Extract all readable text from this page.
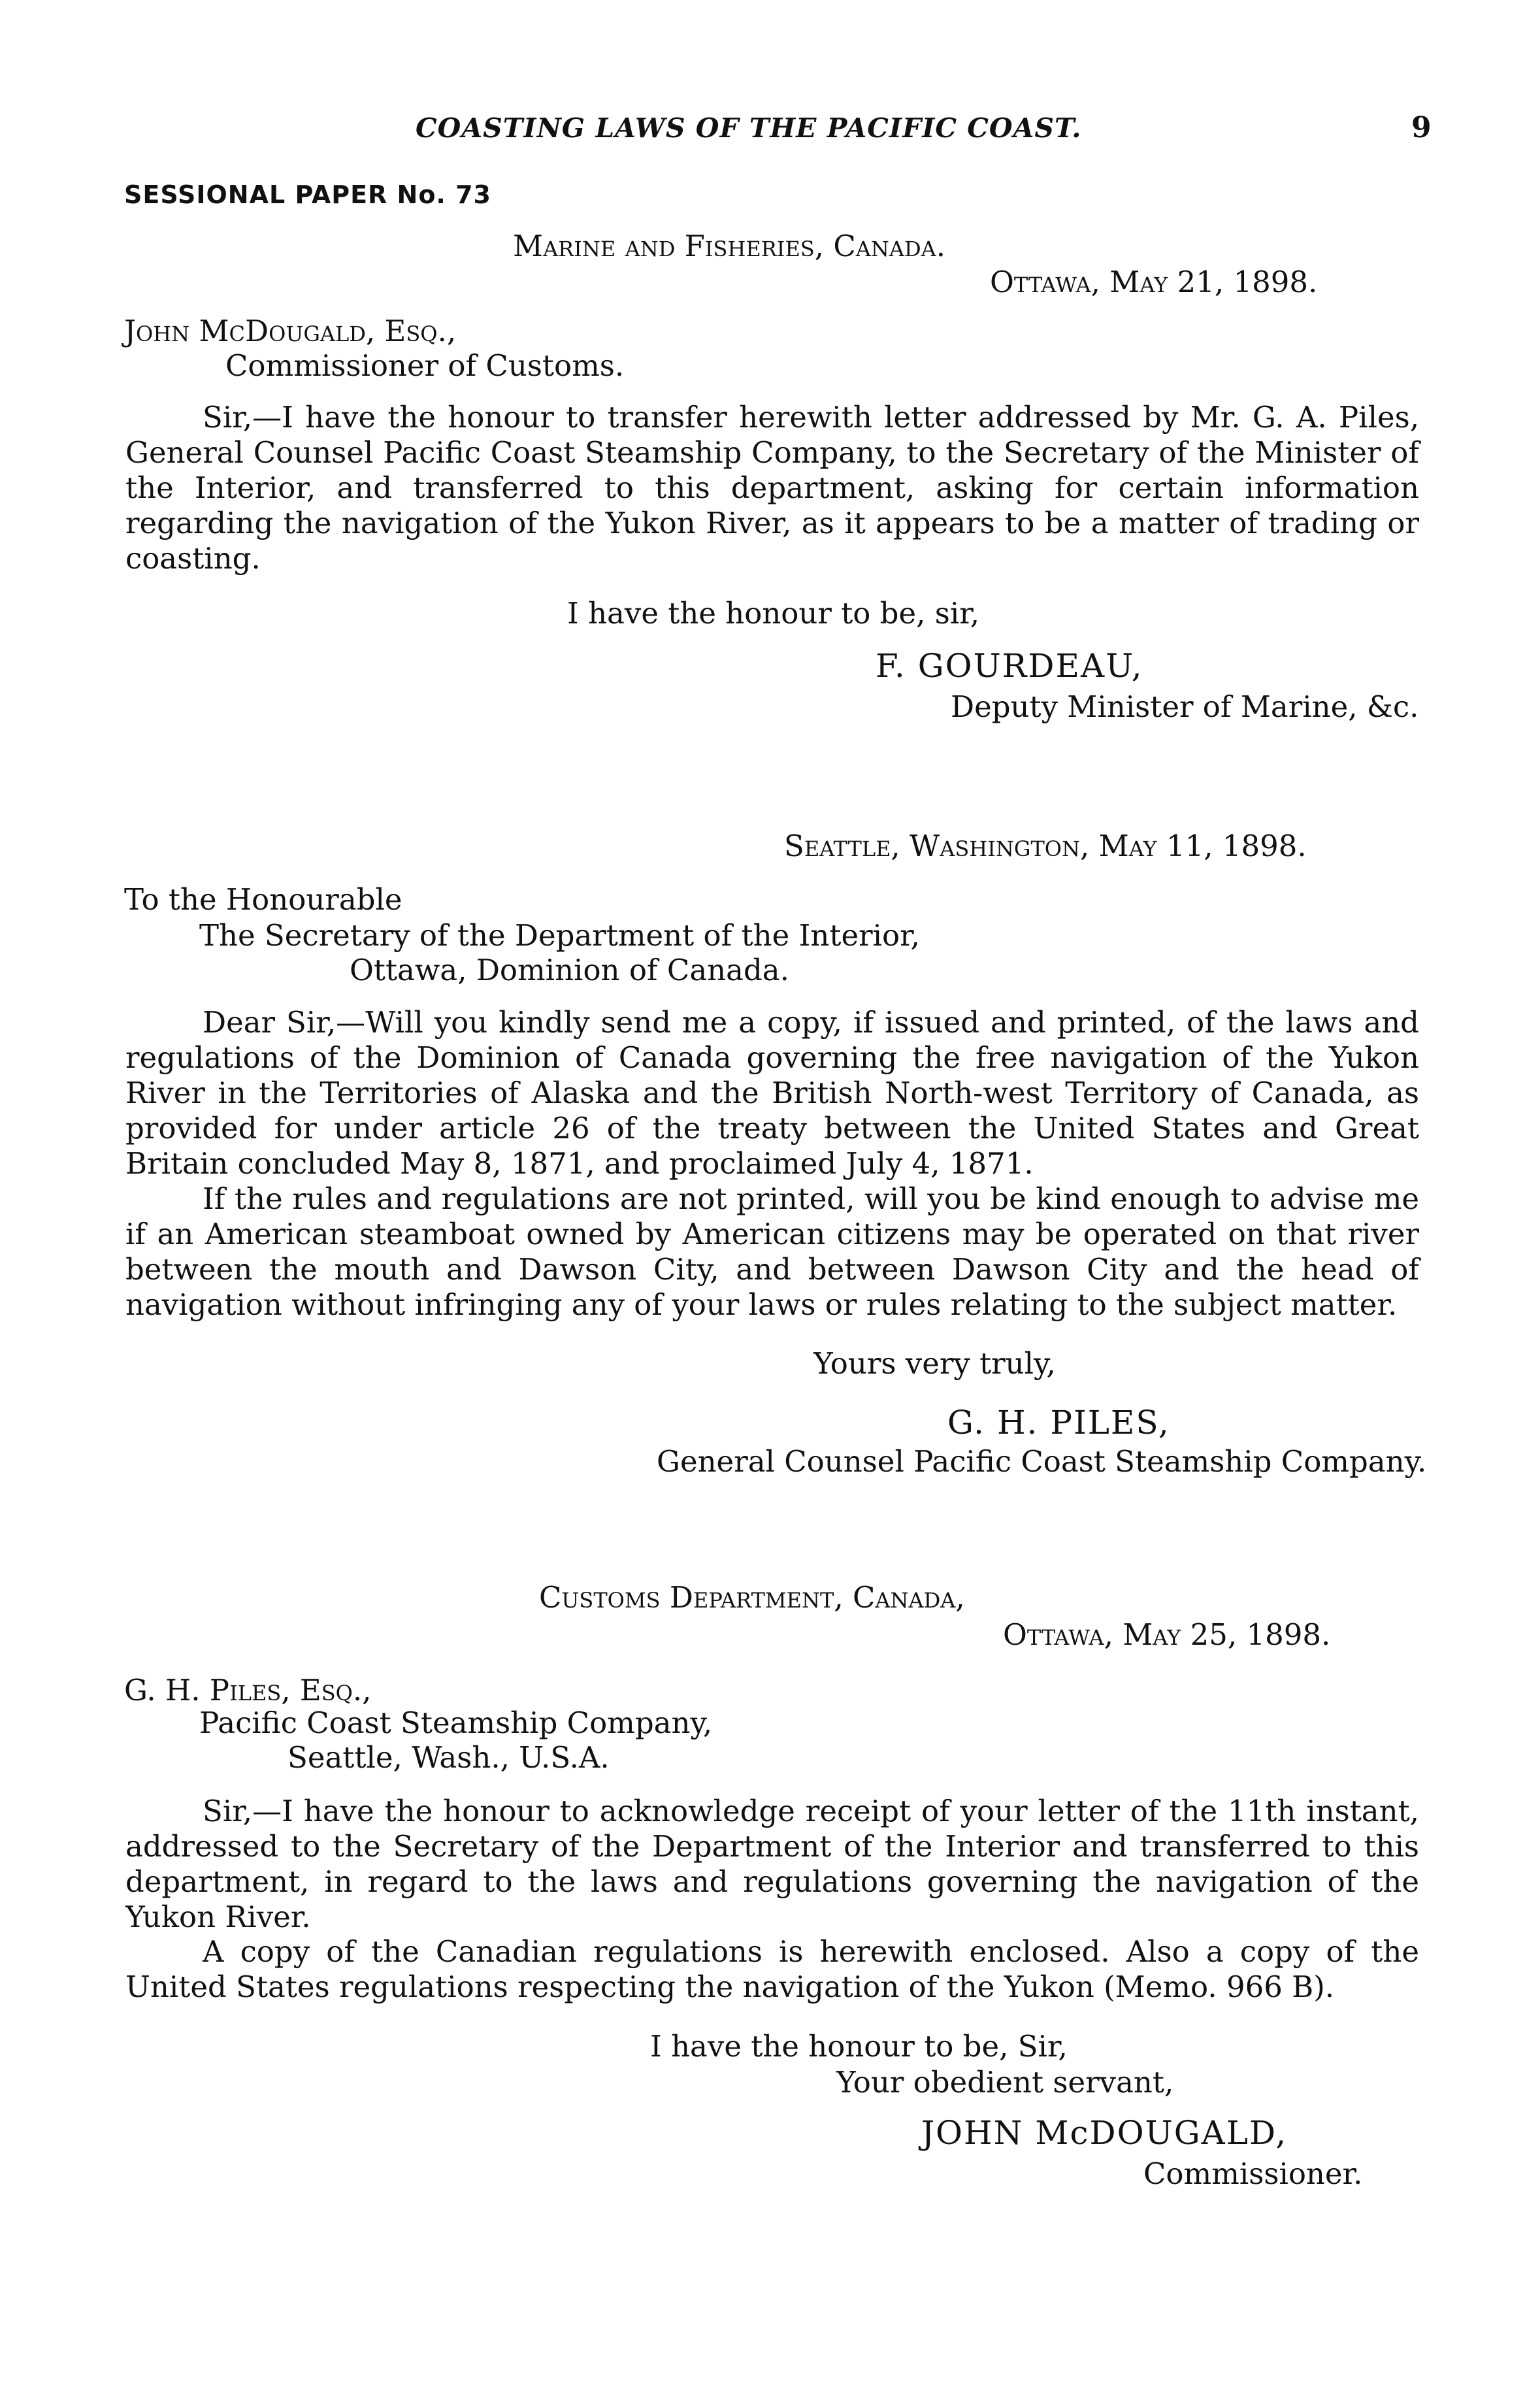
COASTING LAWS OF THE PACIFIC COAST.	9
SESSIONAL PAPER No. 73
Marine and Fisheries, Canada.
Ottawa, May 21, 1898.
John McDougald, Esq.,
Commissioner of Customs.

Sir,—I have the honour to transfer herewith letter addressed by Mr. G. A. Piles, General Counsel Pacific Coast Steamship Company, to the Secretary of the Minister of the Interior, and transferred to this department, asking for certain information regarding the navigation of the Yukon River, as it appears to be a matter of trading or coasting.

I have the honour to be, sir,
F. GOURDEAU,
Deputy Minister of Marine, &c.
Seattle, Washington, May 11, 1898.
To the Honourable
The Secretary of the Department of the Interior,
Ottawa, Dominion of Canada.

Dear Sir,—Will you kindly send me a copy, if issued and printed, of the laws and regulations of the Dominion of Canada governing the free navigation of the Yukon River in the Territories of Alaska and the British North-west Territory of Canada, as provided for under article 26 of the treaty between the United States and Great Britain concluded May 8, 1871, and proclaimed July 4, 1871.

If the rules and regulations are not printed, will you be kind enough to advise me if an American steamboat owned by American citizens may be operated on that river between the mouth and Dawson City, and between Dawson City and the head of navigation without infringing any of your laws or rules relating to the subject matter.

Yours very truly,
G. H. PILES,
General Counsel Pacific Coast Steamship Company.
Customs Department, Canada,
Ottawa, May 25, 1898.
G. H. Piles, Esq.,
Pacific Coast Steamship Company,
Seattle, Wash., U.S.A.

Sir,—I have the honour to acknowledge receipt of your letter of the 11th instant, addressed to the Secretary of the Department of the Interior and transferred to this department, in regard to the laws and regulations governing the navigation of the Yukon River.

A copy of the Canadian regulations is herewith enclosed. Also a copy of the United States regulations respecting the navigation of the Yukon (Memo. 966 B).

I have the honour to be, Sir,
Your obedient servant,
JOHN McDOUGALD,
Commissioner.
